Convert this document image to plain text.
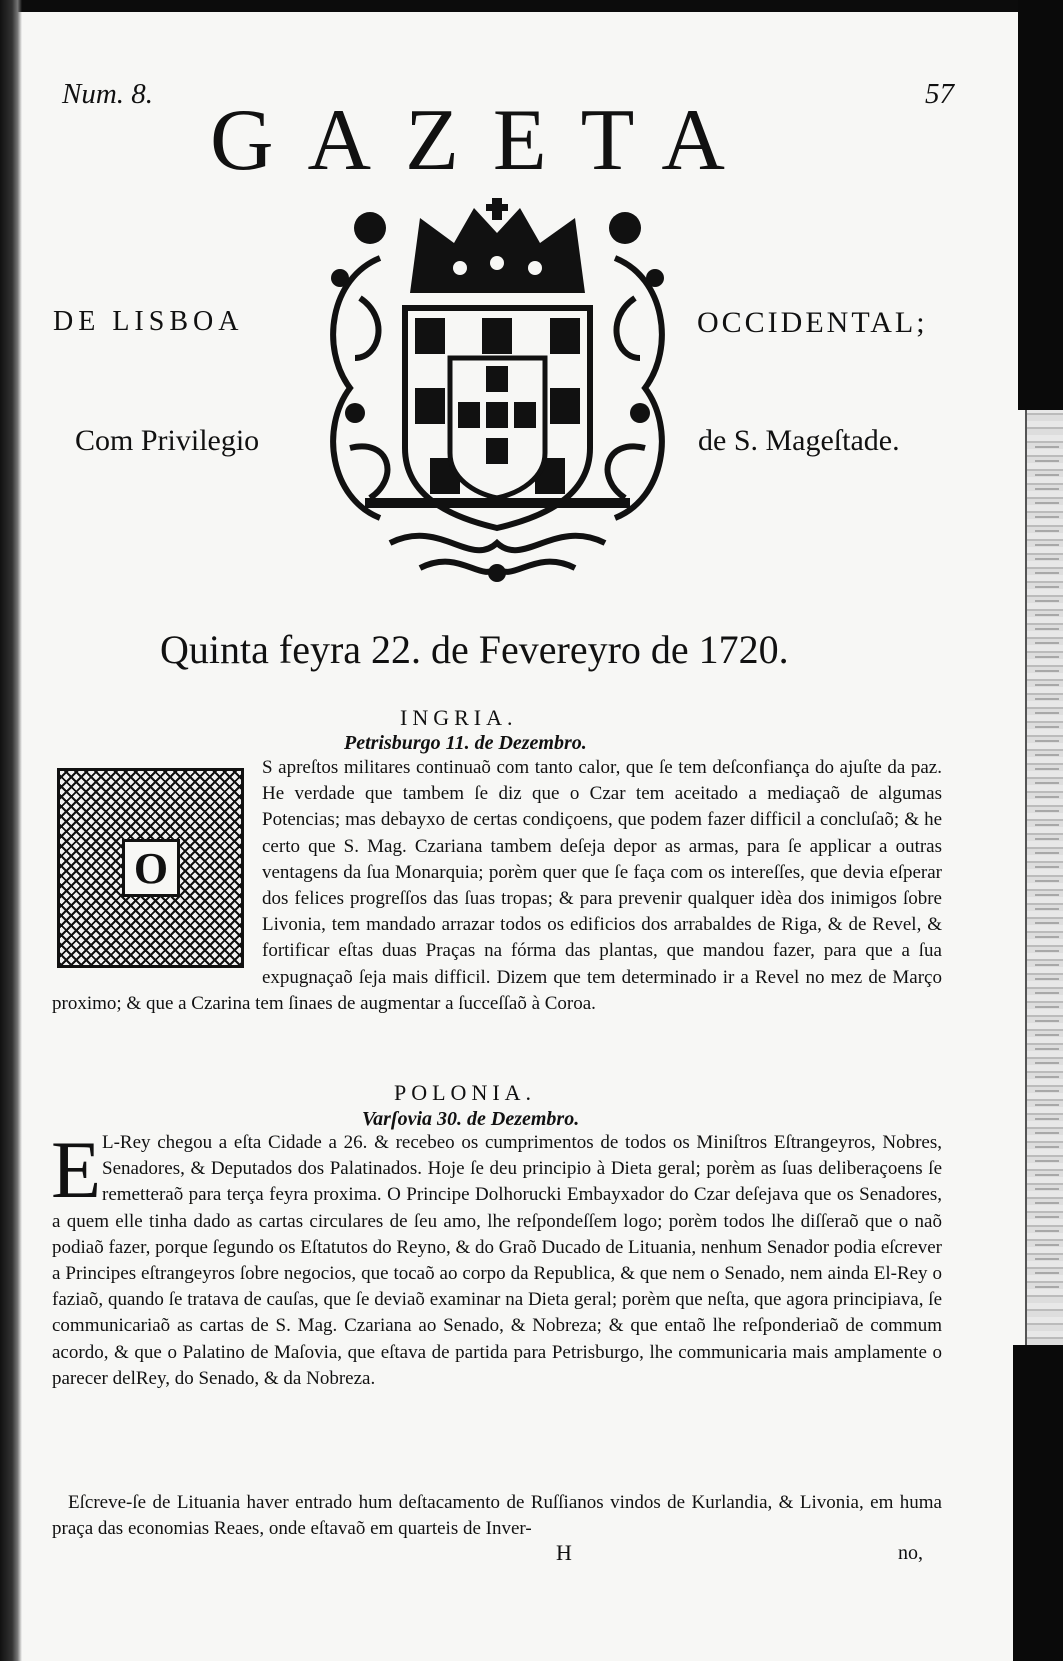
Num. 8.	57
GAZETA
DE LISBOA	OCCIDENTAL;
Com Privilegio	de S. Mageſtade.
Quinta feyra 22. de Fevereyro de 1720.
INGRIA.
Petrisburgo 11. de Dezembro.
O
S apreſtos militares continuaõ com tanto calor, que ſe tem deſconfiança do ajuſte da paz. He verdade que tambem ſe diz que o Czar tem aceitado a mediaçaõ de algumas Potencias; mas debayxo de certas condiçoens, que podem fazer difficil a concluſaõ; & he certo que S. Mag. Czariana tambem deſeja depor as armas, para ſe applicar a outras ventagens da ſua Monarquia; porèm quer que ſe faça com os intereſſes, que devia eſperar dos felices progreſſos das ſuas tropas; & para prevenir qualquer idèa dos inimigos ſobre Livonia, tem mandado arrazar todos os edificios dos arrabaldes de Riga, & de Revel, & fortificar eſtas duas Praças na fórma das plantas, que mandou fazer, para que a ſua expugnaçaõ ſeja mais difficil. Dizem que tem determinado ir a Revel no mez de Março proximo; & que a Czarina tem ſinaes de augmentar a ſucceſſaõ à Coroa.
POLONIA.
Varſovia 30. de Dezembro.
E L-Rey chegou a eſta Cidade a 26. & recebeo os cumprimentos de todos os Miniſtros Eſtrangeyros, Nobres, Senadores, & Deputados dos Palatinados. Hoje ſe deu principio à Dieta geral; porèm as ſuas deliberaçoens ſe remetteraõ para terça feyra proxima. O Principe Dolhorucki Embayxador do Czar deſejava que os Senadores, a quem elle tinha dado as cartas circulares de ſeu amo, lhe reſpondeſſem logo; porèm todos lhe diſſeraõ que o naõ podiaõ fazer, porque ſegundo os Eſtatutos do Reyno, & do Graõ Ducado de Lituania, nenhum Senador podia eſcrever a Principes eſtrangeyros ſobre negocios, que tocaõ ao corpo da Republica, & que nem o Senado, nem ainda El-Rey o faziaõ, quando ſe tratava de cauſas, que ſe deviaõ examinar na Dieta geral; porèm que neſta, que agora principiava, ſe communicariaõ as cartas de S. Mag. Czariana ao Senado, & Nobreza; & que entaõ lhe reſponderiaõ de commum acordo, & que o Palatino de Maſovia, que eſtava de partida para Petrisburgo, lhe communicaria mais amplamente o parecer delRey, do Senado, & da Nobreza.
Eſcreve-ſe de Lituania haver entrado hum deſtacamento de Ruſſianos vindos de Kurlandia, & Livonia, em huma praça das economias Reaes, onde eſtavaõ em quarteis de Inver-
H	no,
